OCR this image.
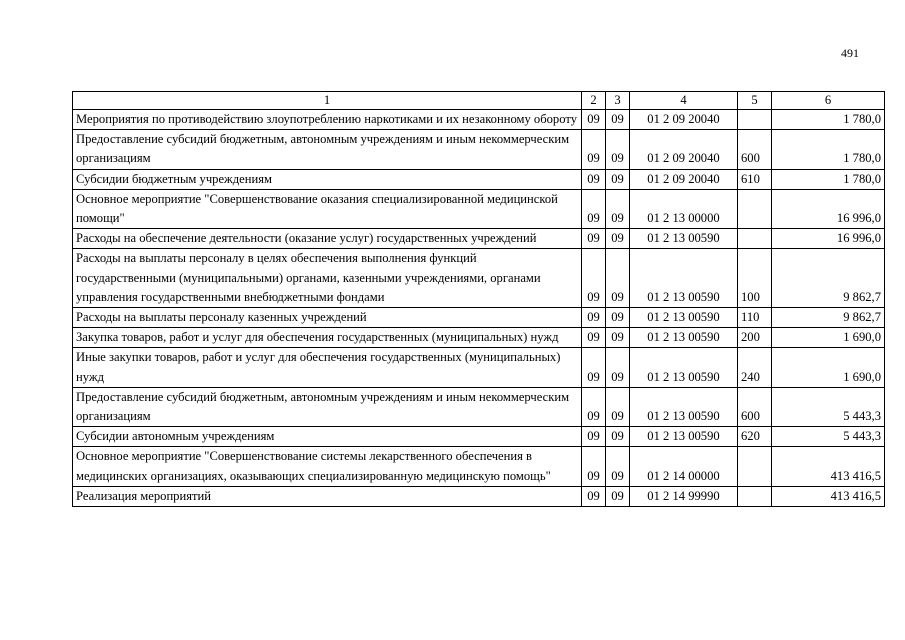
491
1	2	3	4	5	6
Мероприятия по противодействию злоупотреблению наркотиками и их незаконному обороту	09	09	01 2 09 20040		1 780,0
Предоставление субсидий бюджетным, автономным учреждениям и иным некоммерческим организациям	09	09	01 2 09 20040	600	1 780,0
Субсидии бюджетным учреждениям	09	09	01 2 09 20040	610	1 780,0
Основное мероприятие "Совершенствование оказания специализированной медицинской помощи"	09	09	01 2 13 00000		16 996,0
Расходы на обеспечение деятельности (оказание услуг) государственных учреждений	09	09	01 2 13 00590		16 996,0
Расходы на выплаты персоналу в целях обеспечения выполнения функций государственными (муниципальными) органами, казенными учреждениями, органами управления государственными внебюджетными фондами	09	09	01 2 13 00590	100	9 862,7
Расходы на выплаты персоналу казенных учреждений	09	09	01 2 13 00590	110	9 862,7
Закупка товаров, работ и услуг для обеспечения государственных (муниципальных) нужд	09	09	01 2 13 00590	200	1 690,0
Иные закупки товаров, работ и услуг для обеспечения государственных (муниципальных) нужд	09	09	01 2 13 00590	240	1 690,0
Предоставление субсидий бюджетным, автономным учреждениям и иным некоммерческим организациям	09	09	01 2 13 00590	600	5 443,3
Субсидии автономным учреждениям	09	09	01 2 13 00590	620	5 443,3
Основное мероприятие "Совершенствование системы лекарственного обеспечения в медицинских организациях, оказывающих специализированную медицинскую помощь"	09	09	01 2 14 00000		413 416,5
Реализация мероприятий	09	09	01 2 14 99990		413 416,5
